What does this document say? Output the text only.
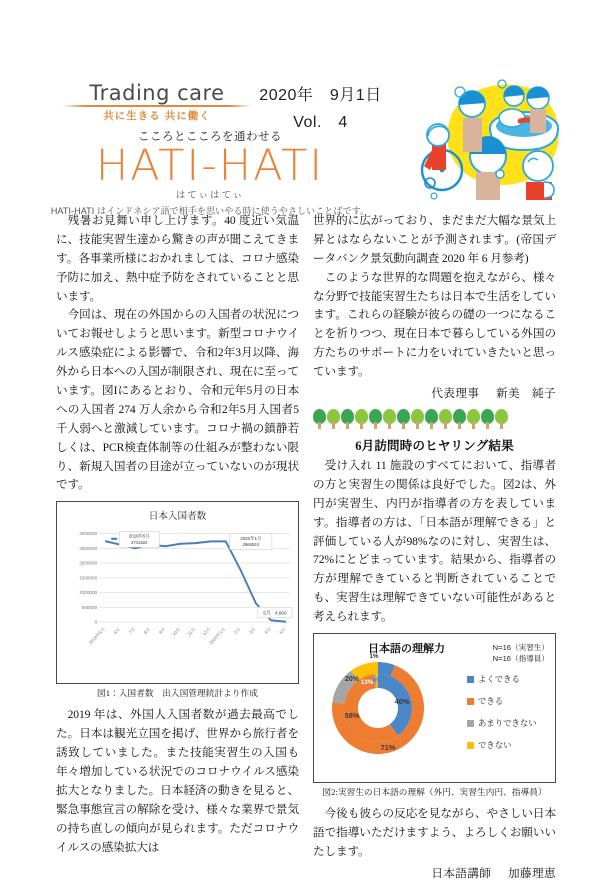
Trading care
共に生きる 共に働く
2020年　9月1日
Vol.　4
こころとこころを通わせる
HATI-HATI
はてぃはてぃ
HATI-HATI はインドネシア語で相手を思いやる時に使うやさしいことばです。

残暑お見舞い申し上げます。40 度近い気温に、技能実習生達から驚きの声が聞こえてきます。各事業所様におかれましては、コロナ感染予防に加え、熱中症予防をされていることと思います。

今回は、現在の外国からの入国者の状況についてお報せしようと思います。新型コロナウイルス感染症による影響で、令和2年3月以降、海外から日本への入国が制限され、現在に至っています。図Iにあるとおり、令和元年5月の日本への入国者 274 万人余から令和2年5月入国者5千人弱へと激減しています。コロナ禍の鎮静若しくは、PCR検査体制等の仕組みが整わない限り、新規入国者の目途が立っていないのが現状です。

日本入国者数
3000000
2500000
2000000
1500000
1000000
500000
0
2019年5月
2741822
2020年1月
2666524
5月　4,600
2019年5月 6月 7月 8月 9月 10月 11月 12月
2020年1月 2月 3月 4月 5月
図1：入国者数　出入国管理統計より作成

2019 年は、外国人入国者数が過去最高でした。日本は観光立国を掲げ、世界から旅行者を誘致していました。また技能実習生の入国も年々増加している状況でのコロナウイルス感染拡大となりました。日本経済の動きを見ると、緊急事態宣言の解除を受け、様々な業界で景気の持ち直しの傾向が見られます。ただコロナウイルスの感染拡大は

世界的に広がっており、まだまだ大幅な景気上昇とはならないことが予測されます。(帝国データバンク景気動向調査 2020 年 6 月参考)

このような世界的な問題を抱えながら、様々な分野で技能実習生たちは日本で生活をしています。これらの経験が彼らの礎の一つになることを祈りつつ、現在日本で暮らしている外国の方たちのサポートに力をいれていきたいと思っています。

代表理事 新美　純子
6月訪問時のヒヤリング結果

受け入れ 11 施設のすべてにおいて、指導者の方と実習生の関係は良好でした。図2は、外円が実習生、内円が指導者の方を表しています。指導者の方は、「日本語が理解できる」と評価している人が98%なのに対し、実習生は、72%にとどまっています。結果から、指導者の方が理解できていると判断されていることでも、実習生は理解できていない可能性があると考えられます。

日本語の理解力	N=16（実習生）
N=16（指導員）
40%
58%
71%
20% 13% 6%
1%
よくできる
できる
あまりできない
できない
図2:実習生の日本語の理解（外円、実習生内円、指導員）

今後も彼らの反応を見ながら、やさしい日本語で指導いただけますよう、よろしくお願いいたします。

日本語講師 加藤理恵
